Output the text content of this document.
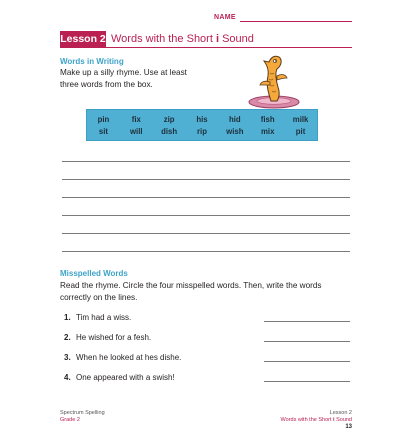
NAME
Lesson 2 Words with the Short i Sound
Words in Writing
Make up a silly rhyme. Use at least three words from the box.
pin	fix	zip	his	hid	fish	milk
sit	will	dish	rip	wish	mix	pit
Misspelled Words
Read the rhyme. Circle the four misspelled words. Then, write the words correctly on the lines.
1. Tim had a wiss.
2. He wished for a fesh.
3. When he looked at hes dishe.
4. One appeared with a swish!
Spectrum Spelling
Grade 2
Lesson 2
Words with the Short i Sound
13
